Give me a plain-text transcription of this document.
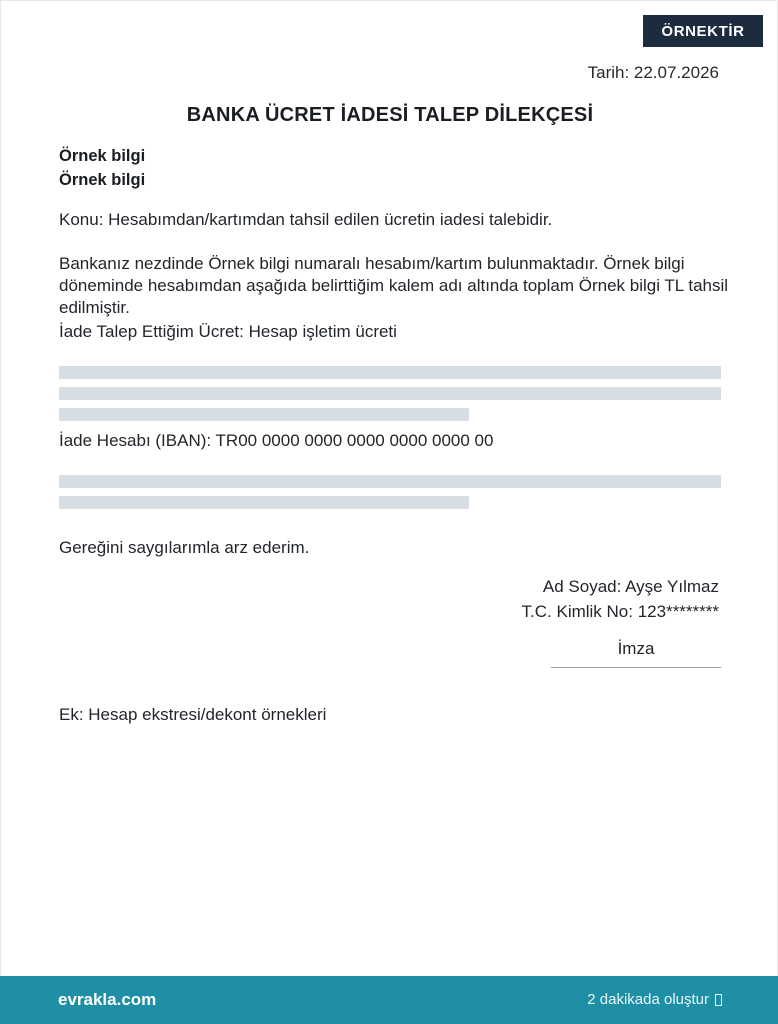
ÖRNEKTİR
Tarih: 22.07.2026
BANKA ÜCRET İADESİ TALEP DİLEKÇESİ
Örnek bilgi
Örnek bilgi
Konu: Hesabımdan/kartımdan tahsil edilen ücretin iadesi talebidir.
Bankanız nezdinde Örnek bilgi numaralı hesabım/kartım bulunmaktadır. Örnek bilgi döneminde hesabımdan aşağıda belirttiğim kalem adı altında toplam Örnek bilgi TL tahsil edilmiştir.
İade Talep Ettiğim Ücret: Hesap işletim ücreti
İade Hesabı (IBAN): TR00 0000 0000 0000 0000 0000 00
Gereğini saygılarımla arz ederim.
Ad Soyad: Ayşe Yılmaz
T.C. Kimlik No: 123********
İmza
Ek: Hesap ekstresi/dekont örnekleri
evrakla.com	2 dakikada oluştur
